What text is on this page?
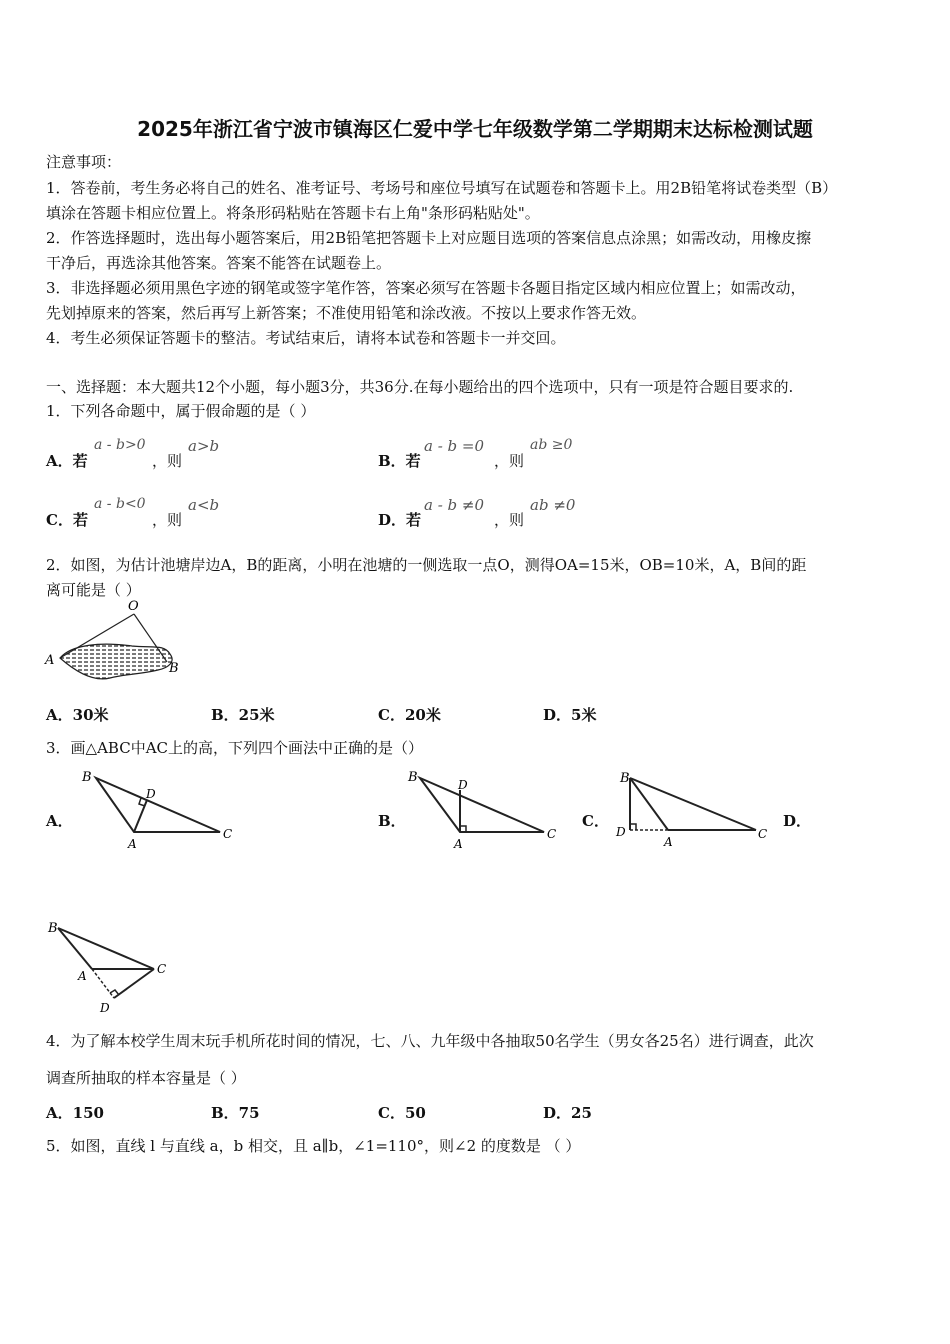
2025年浙江省宁波市镇海区仁爱中学七年级数学第二学期期末达标检测试题
注意事项：
1．答卷前，考生务必将自己的姓名、准考证号、考场号和座位号填写在试题卷和答题卡上。用2B铅笔将试卷类型（B）
填涂在答题卡相应位置上。将条形码粘贴在答题卡右上角"条形码粘贴处"。
2．作答选择题时，选出每小题答案后，用2B铅笔把答题卡上对应题目选项的答案信息点涂黑；如需改动，用橡皮擦
干净后，再选涂其他答案。答案不能答在试题卷上。
3．非选择题必须用黑色字迹的钢笔或签字笔作答，答案必须写在答题卡各题目指定区域内相应位置上；如需改动，
先划掉原来的答案，然后再写上新答案；不准使用铅笔和涂改液。不按以上要求作答无效。
4．考生必须保证答题卡的整洁。考试结束后，请将本试卷和答题卡一并交回。
一、选择题：本大题共12个小题，每小题3分，共36分.在每小题给出的四个选项中，只有一项是符合题目要求的.
1．下列各命题中，属于假命题的是（ ）
A．若
a - b>0
，则
a>b
B．若
a - b =0
，则
ab ≥0
C．若
a - b<0
，则
a<b
D．若
a - b ≠0
，则
ab ≠0
2．如图，为估计池塘岸边A，B的距离，小明在池塘的一侧选取一点O，测得OA=15米，OB=10米，A，B间的距
离可能是（ ）
O
A
B
A．30米	B．25米	C．20米	D．5米
3．画△ABC中AC上的高，下列四个画法中正确的是（）
A．
B
D
A
C
B．
B	D
A
C
C．
B
D
A
C
D．
B
A	C
D
4．为了解本校学生周末玩手机所花时间的情况，七、八、九年级中各抽取50名学生（男女各25名）进行调查，此次
调查所抽取的样本容量是（ ）
A．150	B．75	C．50	D．25
5．如图，直线 l 与直线 a，b 相交，且 a∥b，∠1=110°，则∠2 的度数是 （ ）
